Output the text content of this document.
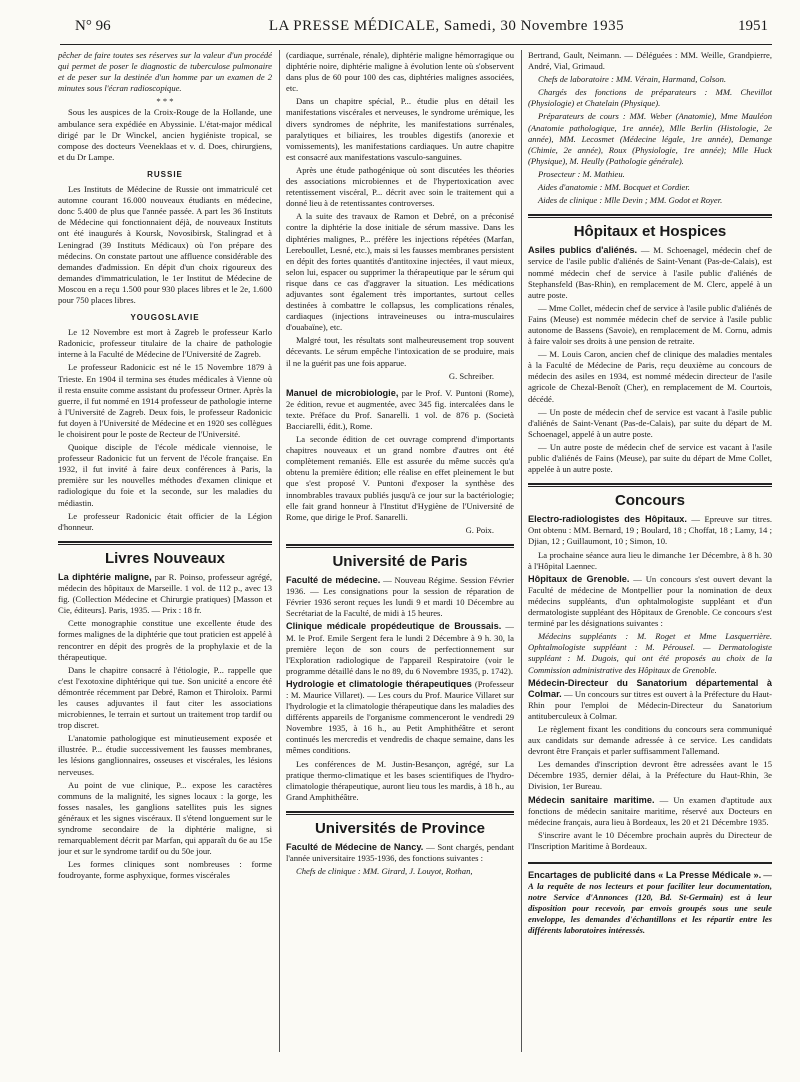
N° 96	LA PRESSE MÉDICALE, Samedi, 30 Novembre 1935	1951

pêcher de faire toutes ses réserves sur la valeur d'un procédé qui permet de poser le diagnostic de tuberculose pulmonaire et de peser sur la destinée d'un homme par un examen de 2 minutes sous l'écran radioscopique.

* * *

Sous les auspices de la Croix-Rouge de la Hollande, une ambulance sera expédiée en Abyssinie. L'état-major médical dirigé par le Dr Winckel, ancien hygiéniste tropical, se compose des docteurs Veeneklaas et v. d. Does, chirurgiens, et du Dr Lampe.

RUSSIE

Les Instituts de Médecine de Russie ont immatriculé cet automne courant 16.000 nouveaux étudiants en médecine, donc 5.400 de plus que l'année passée. A part les 36 Instituts de Médecine qui fonctionnaient déjà, de nouveaux Instituts ont été inaugurés à Koursk, Novosibirsk, Stalingrad et à Leningrad (39 Instituts Médicaux) où l'on prépare des médecins. On constate partout une affluence considérable des demandes d'admission. En dépit d'un choix rigoureux des demandes d'immatriculation, le 1er Institut de Médecine de Moscou en a reçu 1.500 pour 930 places libres et le 2e, 1.600 pour 750 places libres.

YOUGOSLAVIE

Le 12 Novembre est mort à Zagreb le professeur Karlo Radonicic, professeur titulaire de la chaire de pathologie interne à la Faculté de Médecine de l'Université de Zagreb.

Le professeur Radonicic est né le 15 Novembre 1879 à Trieste. En 1904 il termina ses études médicales à Vienne où il resta ensuite comme assistant du professeur Ortner. Après la guerre, il fut nommé en 1914 professeur de pathologie interne à l'Université de Zagreb. Deux fois, le professeur Radonicic fut doyen à l'Université de Médecine et en 1920 ses collègues le choisirent pour le poste de Recteur de l'Université.

Quoique disciple de l'école médicale viennoise, le professeur Radonicic fut un fervent de l'école française. En 1932, il fut invité à faire deux conférences à Paris, la première sur les nouvelles méthodes d'examen clinique et radiologique du foie et la seconde, sur les maladies du médiastin.

Le professeur Radonicic était officier de la Légion d'honneur.

Livres Nouveaux

La diphtérie maligne, par R. Poinso, professeur agrégé, médecin des hôpitaux de Marseille. 1 vol. de 112 p., avec 13 fig. (Collection Médecine et Chirurgie pratiques) [Masson et Cie, éditeurs]. Paris, 1935. — Prix : 18 fr.

Cette monographie constitue une excellente étude des formes malignes de la diphtérie que tout praticien est appelé à rencontrer en dépit des progrès de la prophylaxie et de la thérapeutique.

Dans le chapitre consacré à l'étiologie, P... rappelle que c'est l'exotoxine diphtérique qui tue. Son unicité a encore été démontrée récemment par Debré, Ramon et Thiroloix. Parmi les causes adjuvantes il faut citer les associations microbiennes, le terrain et surtout un traitement trop tardif ou trop discret.

L'anatomie pathologique est minutieusement exposée et illustrée. P... étudie successivement les fausses membranes, les lésions ganglionnaires, osseuses et viscérales, les lésions nerveuses.

Au point de vue clinique, P... expose les caractères communs de la malignité, les signes locaux : la gorge, les fosses nasales, les ganglions satellites puis les signes généraux et les signes viscéraux. Il s'étend longuement sur le syndrome secondaire de la diphtérie maligne, si remarquablement décrit par Marfan, qui apparaît du 6e au 15e jour et sur le syndrome tardif ou du 50e jour.

Les formes cliniques sont nombreuses : forme foudroyante, forme asphyxique, formes viscérales

(cardiaque, surrénale, rénale), diphtérie maligne hémorragique ou diphtérie noire, diphtérie maligne à évolution lente où s'observent dans plus de 60 pour 100 des cas, diphtéries malignes associées, etc.

Dans un chapitre spécial, P... étudie plus en détail les manifestations viscérales et nerveuses, le syndrome urémique, les divers syndromes de néphrite, les manifestations surrénales, paralytiques et biliaires, les troubles digestifs (anorexie et vomissements), les manifestations cardiaques. Un autre chapitre est consacré aux manifestations vasculo-sanguines.

Après une étude pathogénique où sont discutées les théories des associations microbiennes et de l'hypertoxication avec retentissement viscéral, P... décrit avec soin le traitement qui a donné lieu à de retentissantes controverses.

A la suite des travaux de Ramon et Debré, on a préconisé contre la diphtérie la dose initiale de sérum massive. Dans les diphtéries malignes, P... préfère les injections répétées (Marfan, Lereboullet, Lesné, etc.), mais si les fausses membranes persistent en dépit des fortes quantités d'antitoxine injectées, il vaut mieux, selon lui, espacer ou supprimer la thérapeutique par le sérum qui risque dans ce cas d'aggraver la situation. Les médications adjuvantes sont également très importantes, surtout celles destinées à combattre le collapsus, les complications rénales, cardiaques (injections intraveineuses ou intra-musculaires d'ouabaïne), etc.

Malgré tout, les résultats sont malheureusement trop souvent décevants. Le sérum empêche l'intoxication de se produire, mais il ne la guérit pas une fois apparue.

G. Schreiber.

Manuel de microbiologie, par le Prof. V. Puntoni (Rome), 2e édition, revue et augmentée, avec 345 fig. intercalées dans le texte. Préface du Prof. Sanarelli. 1 vol. de 876 p. (Società Bacciarelli, édit.), Rome.

La seconde édition de cet ouvrage comprend d'importants chapitres nouveaux et un grand nombre d'autres ont été complètement remaniés. Elle est assurée du même succès qu'a obtenu la première édition; elle réalise en effet pleinement le but que s'est proposé V. Puntoni d'exposer la synthèse des innombrables travaux publiés jusqu'à ce jour sur la bactériologie; elle fait grand honneur à l'Institut d'Hygiène de l'Université de Rome, que dirige le Prof. Sanarelli.

G. Poix.
Université de Paris

Faculté de médecine. — Nouveau Régime. Session Février 1936. — Les consignations pour la session de réparation de Février 1936 seront reçues les lundi 9 et mardi 10 Décembre au Secrétariat de la Faculté, de midi à 15 heures.

Clinique médicale propédeutique de Broussais. — M. le Prof. Emile Sergent fera le lundi 2 Décembre à 9 h. 30, la première leçon de son cours de perfectionnement sur l'Exploration radiologique de l'appareil Respiratoire (voir le programme détaillé dans le no 89, du 6 Novembre 1935, p. 1742).

Hydrologie et climatologie thérapeutiques (Professeur : M. Maurice Villaret). — Les cours du Prof. Maurice Villaret sur l'hydrologie et la climatologie thérapeutique dans les maladies des différents appareils de l'organisme commenceront le vendredi 29 Novembre 1935, à 16 h., au Petit Amphithéâtre et seront continués les mercredis et vendredis de chaque semaine, dans les mêmes conditions.

Les conférences de M. Justin-Besançon, agrégé, sur La pratique thermo-climatique et les bases scientifiques de l'hydro-climatologie thérapeutique, auront lieu tous les mardis, à 18 h., au Grand Amphithéâtre.

Universités de Province

Faculté de Médecine de Nancy. — Sont chargés, pendant l'année universitaire 1935-1936, des fonctions suivantes :

Chefs de clinique : MM. Girard, J. Louyot, Rothan,

Bertrand, Gault, Neimann. — Déléguées : MM. Weille, Grandpierre, André, Vial, Grimaud.

Chefs de laboratoire : MM. Vérain, Harmand, Colson.

Chargés des fonctions de préparateurs : MM. Chevillot (Physiologie) et Chatelain (Physique).

Préparateurs de cours : MM. Weber (Anatomie), Mme Mauléon (Anatomie pathologique, 1re année), Mlle Berlin (Histologie, 2e année), MM. Lecosmet (Médecine légale, 1re année), Demange (Chimie, 2e année), Roux (Physiologie, 1re année); Mlle Huck (Physique), M. Heully (Pathologie générale).

Prosecteur : M. Mathieu.

Aides d'anatomie : MM. Bocquet et Cordier.

Aides de clinique : Mlle Devin ; MM. Godot et Royer.

Hôpitaux et Hospices

Asiles publics d'aliénés. — M. Schoenagel, médecin chef de service de l'asile public d'aliénés de Saint-Venant (Pas-de-Calais), est nommé médecin chef de service à l'asile public d'aliénés de Stephansfeld (Bas-Rhin), en remplacement de M. Clerc, appelé à un autre poste.

— Mme Collet, médecin chef de service à l'asile public d'aliénés de Fains (Meuse) est nommée médecin chef de service à l'asile public autonome de Bassens (Savoie), en remplacement de M. Cornu, admis à faire valoir ses droits à une pension de retraite.

— M. Louis Caron, ancien chef de clinique des maladies mentales à la Faculté de Médecine de Paris, reçu deuxième au concours de médecin des asiles en 1934, est nommé médecin directeur de l'asile agricole de Chezal-Benoît (Cher), en remplacement de M. Courtois, décédé.

— Un poste de médecin chef de service est vacant à l'asile public d'aliénés de Saint-Venant (Pas-de-Calais), par suite du départ de M. Schoenagel, appelé à un autre poste.

— Un autre poste de médecin chef de service est vacant à l'asile public d'aliénés de Fains (Meuse), par suite du départ de Mme Collet, appelée à un autre poste.

Concours

Electro-radiologistes des Hôpitaux. — Epreuve sur titres. Ont obtenu : MM. Bernard, 19 ; Boulard, 18 ; Choffat, 18 ; Lamy, 14 ; Djian, 12 ; Guillaumont, 10 ; Simon, 10.

La prochaine séance aura lieu le dimanche 1er Décembre, à 8 h. 30 à l'Hôpital Laennec.

Hôpitaux de Grenoble. — Un concours s'est ouvert devant la Faculté de médecine de Montpellier pour la nomination de deux médecins suppléants, d'un ophtalmologiste suppléant et d'un dermatologiste suppléant des Hôpitaux de Grenoble. Ce concours s'est terminé par les désignations suivantes :

Médecins suppléants : M. Roget et Mme Lasquerrière. Ophtalmologiste suppléant : M. Pérousel. — Dermatologiste suppléant : M. Dugois, qui ont été proposés au choix de la Commission administrative des Hôpitaux de Grenoble.

Médecin-Directeur du Sanatorium départemental à Colmar. — Un concours sur titres est ouvert à la Préfecture du Haut-Rhin pour l'emploi de Médecin-Directeur du Sanatorium antituberculeux à Colmar.

Le règlement fixant les conditions du concours sera communiqué aux candidats sur demande adressée à ce service. Les candidats devront être Français et parler suffisamment l'allemand.

Les demandes d'inscription devront être adressées avant le 15 Décembre 1935, dernier délai, à la Préfecture du Haut-Rhin, 3e Division, 1er Bureau.

Médecin sanitaire maritime. — Un examen d'aptitude aux fonctions de médecin sanitaire maritime, réservé aux Docteurs en médecine français, aura lieu à Bordeaux, les 20 et 21 Décembre 1935.

S'inscrire avant le 10 Décembre prochain auprès du Directeur de l'Inscription Maritime à Bordeaux.

Encartages de publicité dans « La Presse Médicale ». — A la requête de nos lecteurs et pour faciliter leur documentation, notre Service d'Annonces (120, Bd. St-Germain) est à leur disposition pour recevoir, par envois groupés sous une seule enveloppe, les demandes d'échantillons et les répartir entre les différents laboratoires intéressés.
